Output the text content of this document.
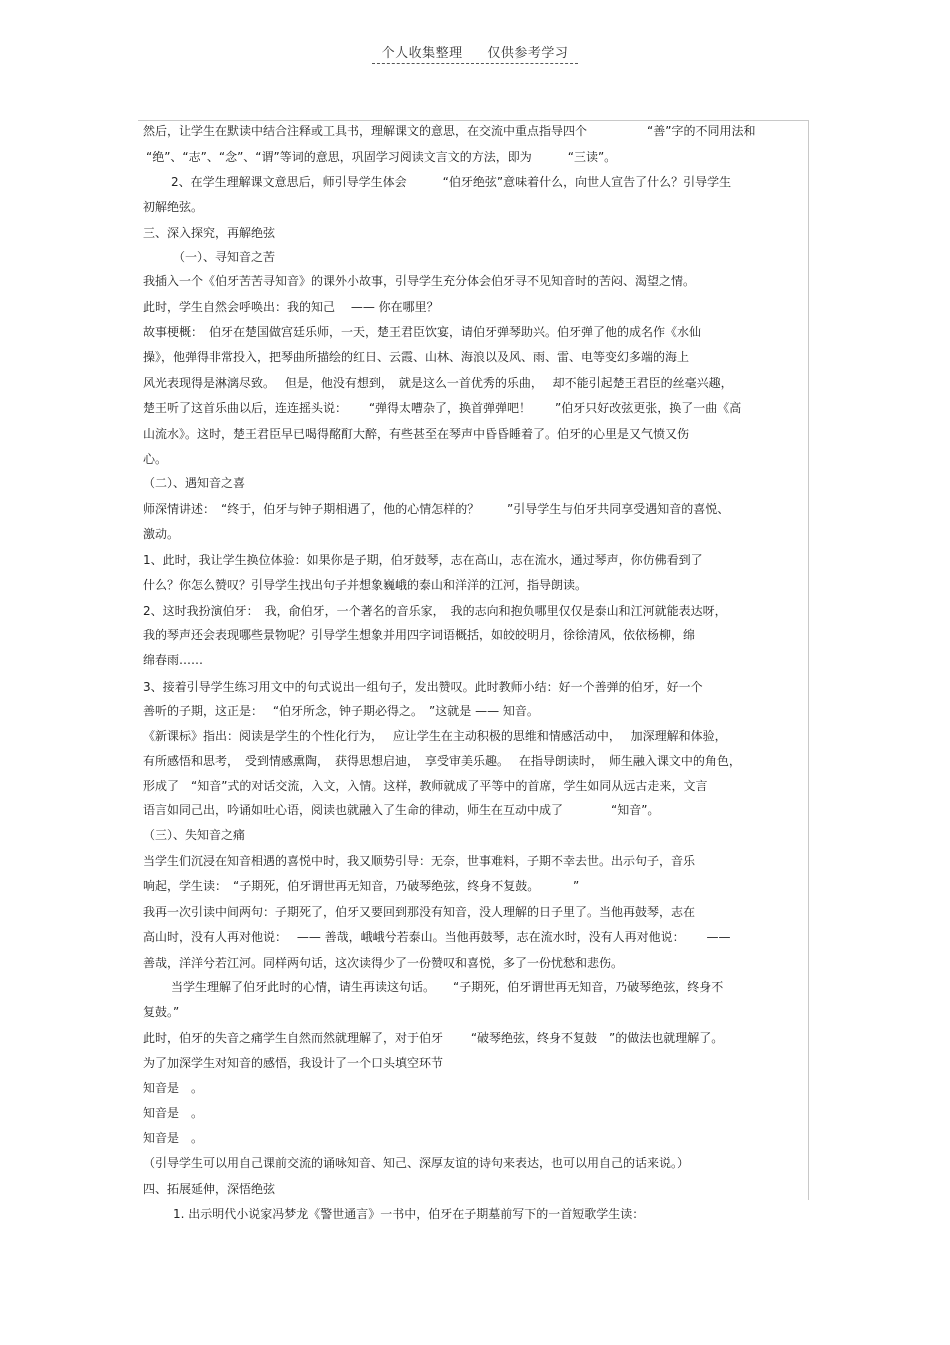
个人收集整理 仅供参考学习
然后，让学生在默读中结合注释或工具书，理解课文的意思，在交流中重点指导四个　　　　　“善”字的不同用法和
“绝”、“志”、“念”、“谓”等词的意思，巩固学习阅读文言文的方法，即为　　　“三读”。
2、在学生理解课文意思后，师引导学生体会　　　“伯牙绝弦”意味着什么，向世人宣告了什么？引导学生
初解绝弦。
三、深入探究，再解绝弦
（一）、寻知音之苦
我插入一个《伯牙苦苦寻知音》的课外小故事，引导学生充分体会伯牙寻不见知音时的苦闷、渴望之情。
此时，学生自然会呼唤出：我的知己　 —— 你在哪里？
故事梗概：　伯牙在楚国做宫廷乐师，一天，楚王君臣饮宴，请伯牙弹琴助兴。伯牙弹了他的成名作《水仙
操》，他弹得非常投入，把琴曲所描绘的红日、云霞、山林、海浪以及风、雨、雷、电等变幻多端的海上
风光表现得是淋漓尽致。　 但是，他没有想到，　就是这么一首优秀的乐曲，　 却不能引起楚王君臣的丝毫兴趣，
楚王听了这首乐曲以后，连连摇头说：　　 “弹得太嘈杂了，换首弹弹吧！　　”伯牙只好改弦更张，换了一曲《高
山流水》。这时，楚王君臣早已喝得酩酊大醉，有些甚至在琴声中昏昏睡着了。伯牙的心里是又气愤又伤
心。
（二）、遇知音之喜
师深情讲述：　“终于，伯牙与钟子期相遇了，他的心情怎样的？　　 ”引导学生与伯牙共同享受遇知音的喜悦、
激动。
1、此时，我让学生换位体验：如果你是子期，伯牙鼓琴，志在高山，志在流水，通过琴声，你仿佛看到了
什么？你怎么赞叹？引导学生找出句子并想象巍峨的泰山和洋洋的江河，指导朗读。
2、这时我扮演伯牙：　我，俞伯牙，一个著名的音乐家，　我的志向和抱负哪里仅仅是泰山和江河就能表达呀，
我的琴声还会表现哪些景物呢？引导学生想象并用四字词语概括，如皎皎明月，徐徐清风，依依杨柳，绵
绵春雨……
3、接着引导学生练习用文中的句式说出一组句子，发出赞叹。此时教师小结：好一个善弹的伯牙，好一个
善听的子期，这正是：　 “伯牙所念，钟子期必得之。　”这就是 —— 知音。
《新课标》指出：阅读是学生的个性化行为，　 应让学生在主动积极的思维和情感活动中，　 加深理解和体验，
有所感悟和思考，　受到情感熏陶，　获得思想启迪，　享受审美乐趣。　 在指导朗读时，　师生融入课文中的角色，
形成了　“知音”式的对话交流，入文，入情。这样，教师就成了平等中的首席，学生如同从远古走来，文言
语言如同己出，吟诵如吐心语，阅读也就融入了生命的律动，师生在互动中成了　　　　“知音”。
（三）、失知音之痛
当学生们沉浸在知音相遇的喜悦中时，我又顺势引导：无奈，世事难料，子期不幸去世。出示句子，音乐
响起，学生读：　“子期死，伯牙谓世再无知音，乃破琴绝弦，终身不复鼓。　　　 ”
我再一次引读中间两句：子期死了，伯牙又要回到那没有知音，没人理解的日子里了。当他再鼓琴，志在
高山时，没有人再对他说：　 —— 善哉，峨峨兮若泰山。当他再鼓琴，志在流水时，没有人再对他说：　　 ——
善哉，洋洋兮若江河。同样两句话，这次读得少了一份赞叹和喜悦，多了一份忧愁和悲伤。
当学生理解了伯牙此时的心情，请生再读这句话。　　“子期死，伯牙谓世再无知音，乃破琴绝弦，终身不
复鼓。”
此时，伯牙的失音之痛学生自然而然就理解了，对于伯牙　　 “破琴绝弦，终身不复鼓　”的做法也就理解了。
为了加深学生对知音的感悟，我设计了一个口头填空环节
知音是　。
知音是　。
知音是　。
（引导学生可以用自己课前交流的诵咏知音、知己、深厚友谊的诗句来表达，也可以用自己的话来说。）
四、拓展延伸，深悟绝弦
1. 出示明代小说家冯梦龙《警世通言》一书中，伯牙在子期墓前写下的一首短歌学生读：
